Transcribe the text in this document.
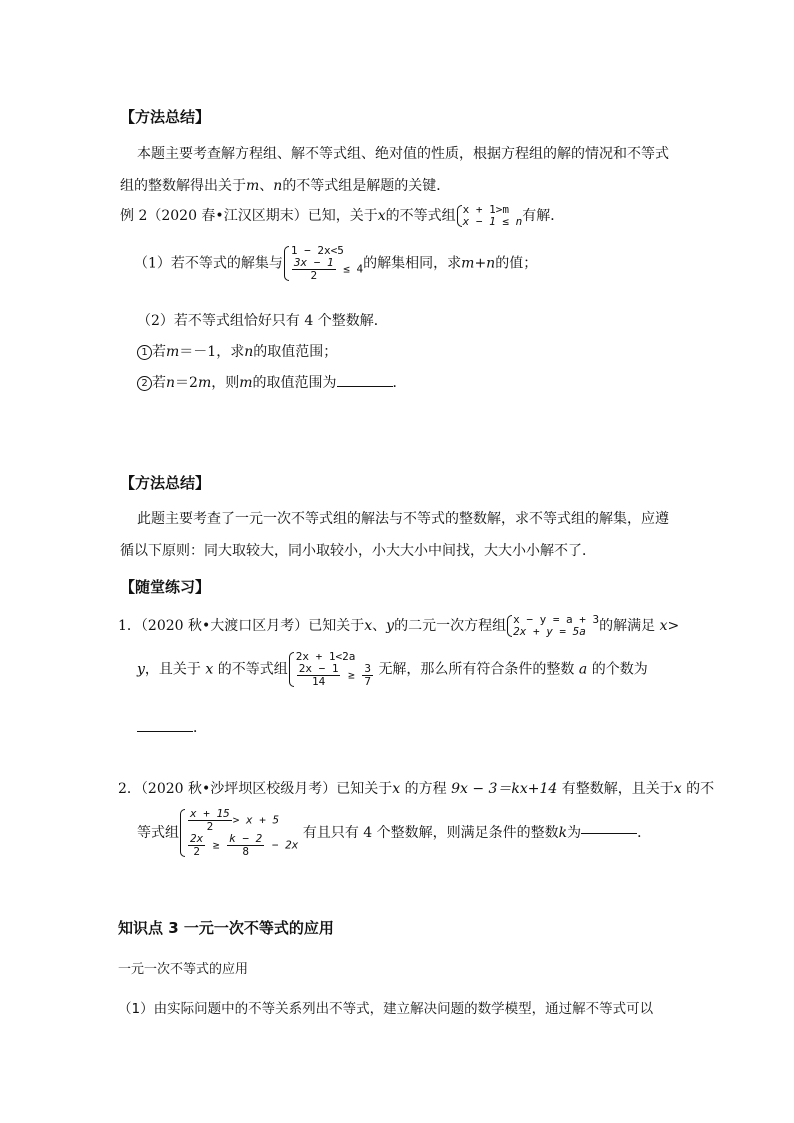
【方法总结】
本题主要考查解方程组、解不等式组、绝对值的性质，根据方程组的解的情况和不等式
组的整数解得出关于m、n的不等式组是解题的关键．
例 2（2020 春•江汉区期末）已知，关于x的不等式组 x + 1>m
x − 1 ≤ n 有解．
（1）若不等式的解集与
1 − 2x<5
$\frac{3x - 1}{2} \le 4$ 的解集相同，求m+n的值；
（2）若不等式组恰好只有 4 个整数解．
1 若m＝－1，求n的取值范围；
2 若n＝2m，则m的取值范围为	．
【方法总结】
此题主要考查了一元一次不等式组的解法与不等式的整数解，求不等式组的解集，应遵
循以下原则：同大取较大，同小取较小，小大大小中间找，大大小小解不了．
【随堂练习】
1．（2020 秋•大渡口区月考）已知关于x、y的二元一次方程组 x − y = a + 3
2x + y = 5a 的解满足 x>
y，且关于 x 的不等式组
2x + 1<2a
$\frac{2x - 1}{14} \ge \frac{3}{7}$ 无解，那么所有符合条件的整数 a 的个数为
．
2．（2020 秋•沙坪坝区校级月考）已知关于x 的方程 9x − 3＝kx+14 有整数解，且关于x 的不
等式组 $\frac{x + 15}{2} > x + 5$
$\frac{2x}{2} \ge \frac{k - 2}{8} - 2x$
有且只有 4 个整数解，则满足条件的整数k为	．
知识点 3 一元一次不等式的应用
一元一次不等式的应用
（1）由实际问题中的不等关系列出不等式，建立解决问题的数学模型，通过解不等式可以
